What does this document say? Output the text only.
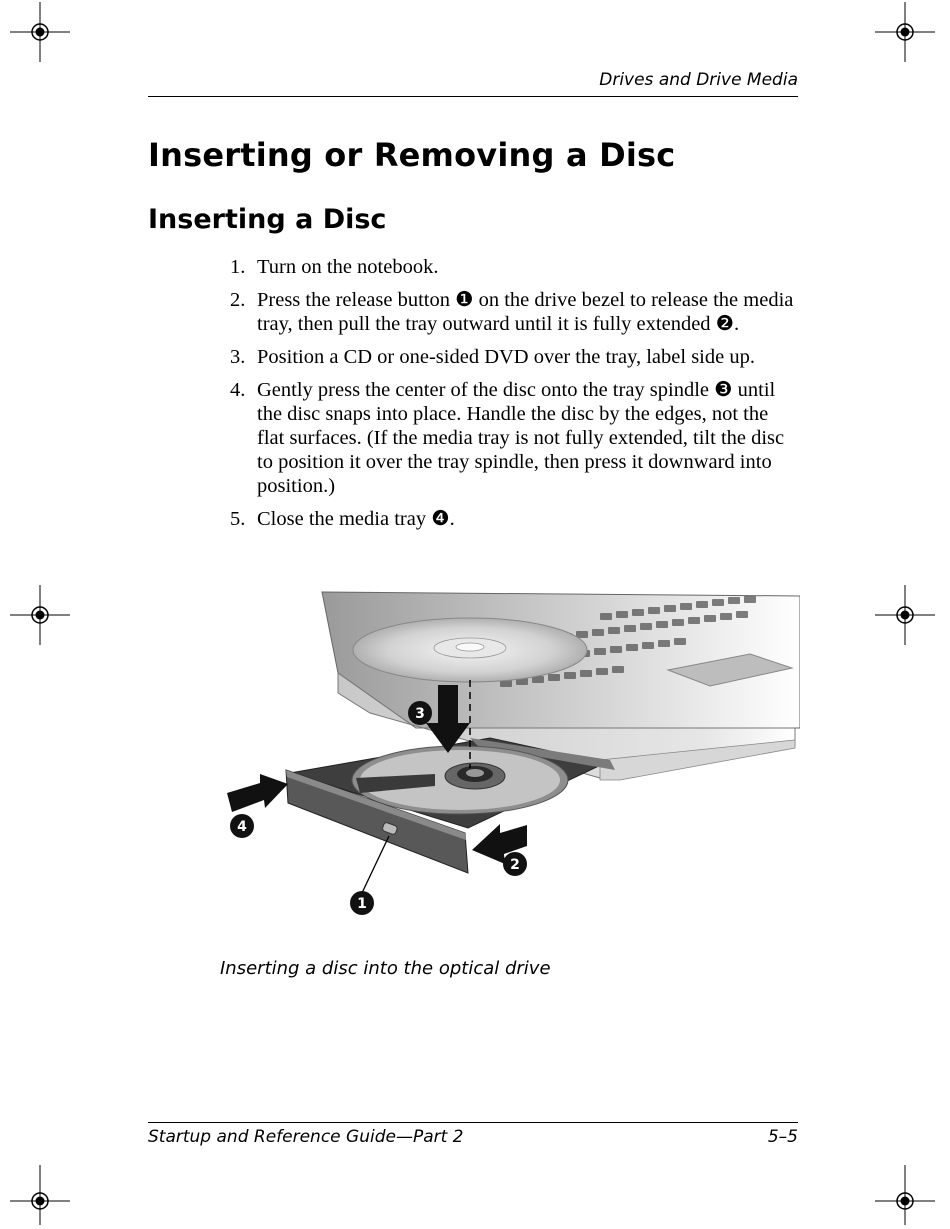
Drives and Drive Media
Inserting or Removing a Disc
Inserting a Disc
1. Turn on the notebook.
2. Press the release button ❶ on the drive bezel to release the media tray, then pull the tray outward until it is fully extended ❷.
3. Position a CD or one-sided DVD over the tray, label side up.
4. Gently press the center of the disc onto the tray spindle ❸ until the disc snaps into place. Handle the disc by the edges, not the flat surfaces. (If the media tray is not fully extended, tilt the disc to position it over the tray spindle, then press it downward into position.)
5. Close the media tray ❹.
1
2
3
4
Inserting a disc into the optical drive
Startup and Reference Guide—Part 2	5–5
